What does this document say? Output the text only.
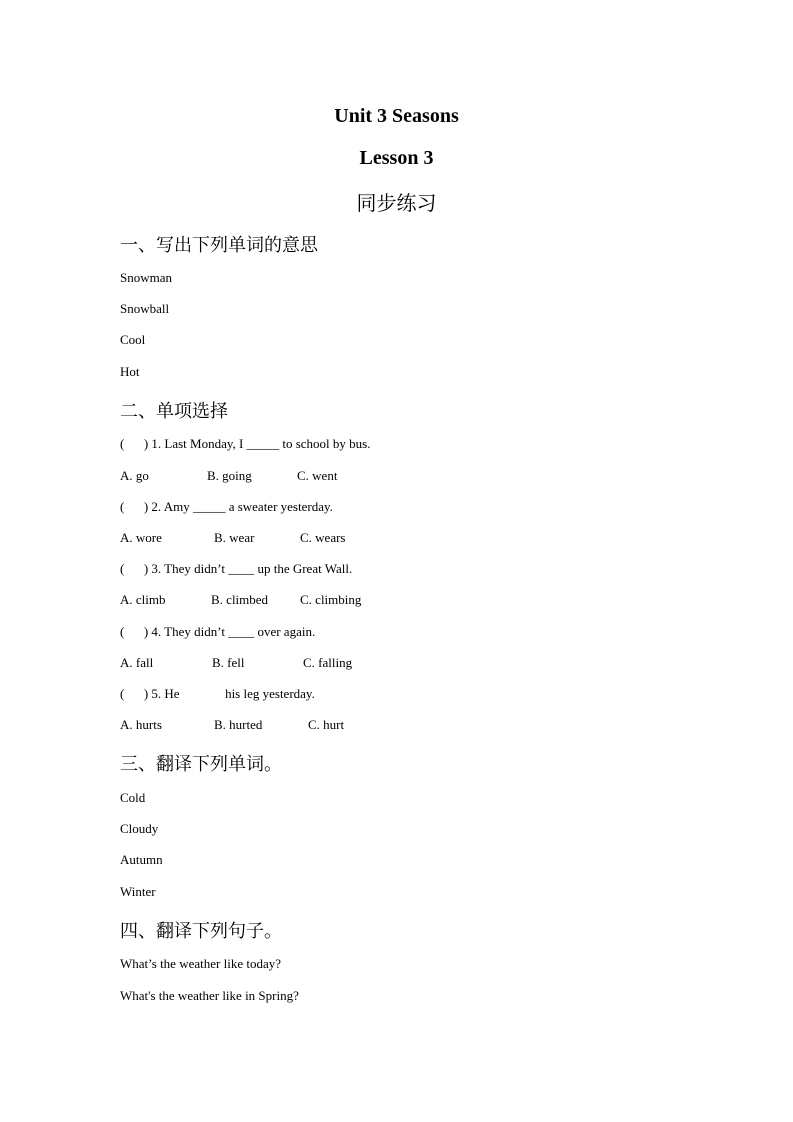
Unit 3 Seasons
Lesson 3
同步练习
一、写出下列单词的意思
Snowman
Snowball
Cool
Hot
二、单项选择
(      ) 1. Last Monday, I _____ to school by bus.
A. go	B. going	C. went
(      ) 2. Amy _____ a sweater yesterday.
A. wore	B. wear	C. wears
(      ) 3. They didn’t ____ up the Great Wall.
A. climb	B. climbed C. climbing
(      ) 4. They didn’t ____ over again.
A. fall	B. fell	C. falling
(      ) 5. He              his leg yesterday.
A. hurts	B. hurted	C. hurt
三、翻译下列单词。
Cold
Cloudy
Autumn
Winter
四、翻译下列句子。
What’s the weather like today?
What's the weather like in Spring?
